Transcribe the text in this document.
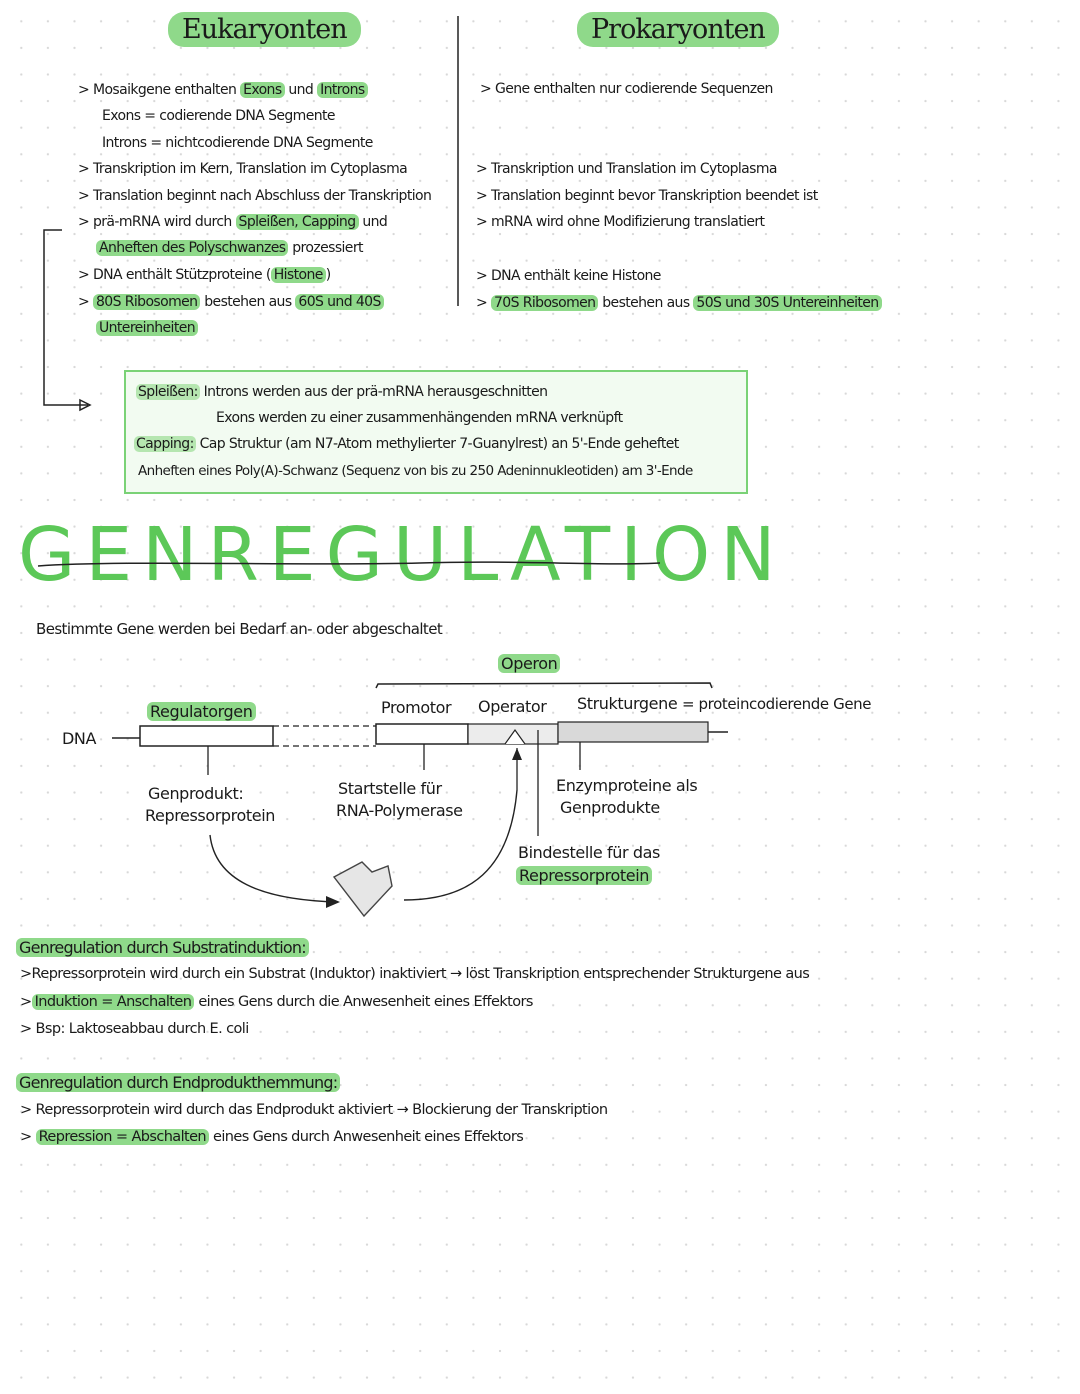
Eukaryonten	Prokaryonten
> Mosaikgene enthalten Exons und Introns
Exons = codierende DNA Segmente
Introns = nichtcodierende DNA Segmente
> Transkription im Kern, Translation im Cytoplasma
> Translation beginnt nach Abschluss der Transkription
> prä-mRNA wird durch Spleißen, Capping und
Anheften des Polyschwanzes prozessiert
> DNA enthält Stützproteine ( Histone )
> 80S Ribosomen bestehen aus 60S und 40S
Untereinheiten
> Gene enthalten nur codierende Sequenzen
> Transkription und Translation im Cytoplasma
> Translation beginnt bevor Transkription beendet ist
> mRNA wird ohne Modifizierung translatiert
> DNA enthält keine Histone
> 70S Ribosomen bestehen aus 50S und 30S Untereinheiten
Spleißen: Introns werden aus der prä-mRNA herausgeschnitten
Exons werden zu einer zusammenhängenden mRNA verknüpft
Capping: Cap Struktur (am N7-Atom methylierter 7-Guanylrest) an 5'-Ende geheftet
Anheften eines Poly(A)-Schwanz (Sequenz von bis zu 250 Adeninnukleotiden) am 3'-Ende
GENREGULATION
Bestimmte Gene werden bei Bedarf an- oder abgeschaltet
Operon
Regulatorgen
DNA
Promotor Operator Strukturgene = proteincodierende Gene
Genprodukt:
Repressorprotein
Startstelle für
RNA-Polymerase
Enzymproteine als
Genprodukte
Bindestelle für das
Repressorprotein
Genregulation durch Substratinduktion:
>Repressorprotein wird durch ein Substrat (Induktor) inaktiviert → löst Transkription entsprechender Strukturgene aus
> Induktion = Anschalten eines Gens durch die Anwesenheit eines Effektors
> Bsp: Laktoseabbau durch E. coli
Genregulation durch Endprodukthemmung:
> Repressorprotein wird durch das Endprodukt aktiviert → Blockierung der Transkription
> Repression = Abschalten eines Gens durch Anwesenheit eines Effektors
